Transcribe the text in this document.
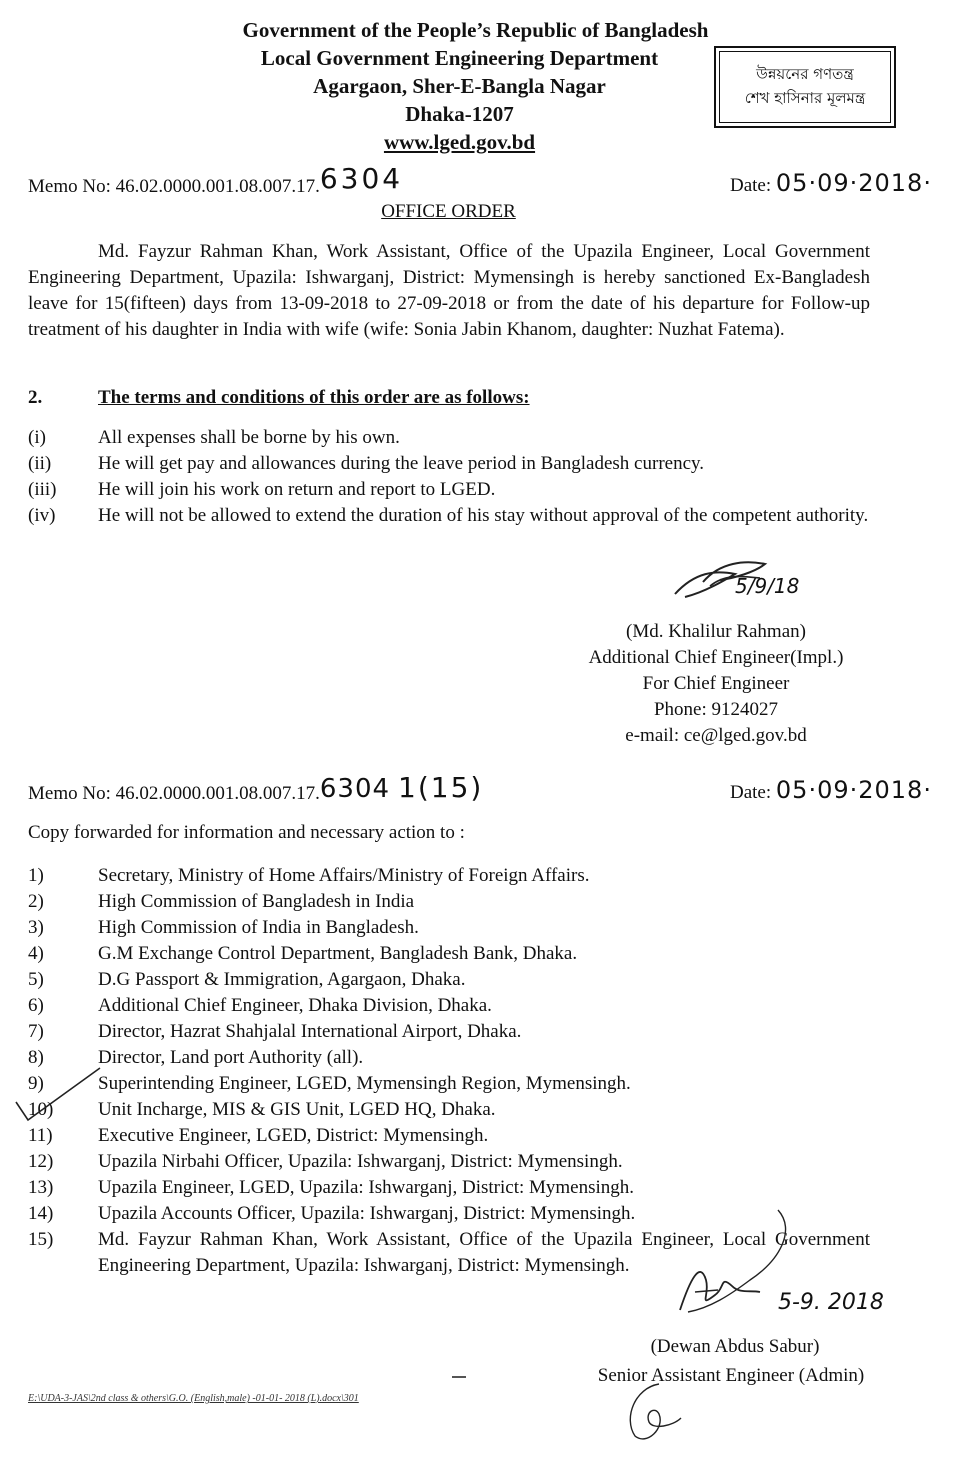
Government of the People’s Republic of Bangladesh
Local Government Engineering Department
Agargaon, Sher-E-Bangla Nagar
Dhaka-1207
www.lged.gov.bd
উন্নয়নের গণতন্ত্র
শেখ হাসিনার মূলমন্ত্র
Memo No: 46.02.0000.001.08.007.17.6304	Date: 05·09·2018·
OFFICE ORDER
Md. Fayzur Rahman Khan, Work Assistant, Office of the Upazila Engineer, Local Government Engineering Department, Upazila: Ishwarganj, District: Mymensingh is hereby sanctioned Ex-Bangladesh leave for 15(fifteen) days from 13-09-2018 to 27-09-2018 or from the date of his departure for Follow-up treatment of his daughter in India with wife (wife: Sonia Jabin Khanom, daughter: Nuzhat Fatema).
2.	The terms and conditions of this order are as follows:
(i)	All expenses shall be borne by his own.
(ii) He will get pay and allowances during the leave period in Bangladesh currency.
(iii) He will join his work on return and report to LGED.
(iv) He will not be allowed to extend the duration of his stay without approval of the competent authority.
5/9/18
(Md. Khalilur Rahman)
Additional Chief Engineer(Impl.)
For Chief Engineer
Phone: 9124027
e-mail: ce@lged.gov.bd
Memo No: 46.02.0000.001.08.007.17.6304 1(15)	Date: 05·09·2018·
Copy forwarded for information and necessary action to :
1)	Secretary, Ministry of Home Affairs/Ministry of Foreign Affairs.
2)	High Commission of Bangladesh in India
3)	High Commission of India in Bangladesh.
4)	G.M Exchange Control Department, Bangladesh Bank, Dhaka.
5)	D.G Passport & Immigration, Agargaon, Dhaka.
6)	Additional Chief Engineer, Dhaka Division, Dhaka.
7)	Director, Hazrat Shahjalal International Airport, Dhaka.
8)	Director, Land port Authority (all).
9)	Superintending Engineer, LGED, Mymensingh Region, Mymensingh.
10) Unit Incharge, MIS & GIS Unit, LGED HQ, Dhaka.
11) Executive Engineer, LGED, District: Mymensingh.
12) Upazila Nirbahi Officer, Upazila: Ishwarganj, District: Mymensingh.
13) Upazila Engineer, LGED, Upazila: Ishwarganj, District: Mymensingh.
14) Upazila Accounts Officer, Upazila: Ishwarganj, District: Mymensingh.
15) Md. Fayzur Rahman Khan, Work Assistant, Office of the Upazila Engineer, Local Government Engineering Department, Upazila: Ishwarganj, District: Mymensingh.
5-9. 2018
(Dewan Abdus Sabur)
Senior Assistant Engineer (Admin)
E:\UDA-3-JAS\2nd class & others\G.O. (English,male) -01-01- 2018 (L).docx\301
